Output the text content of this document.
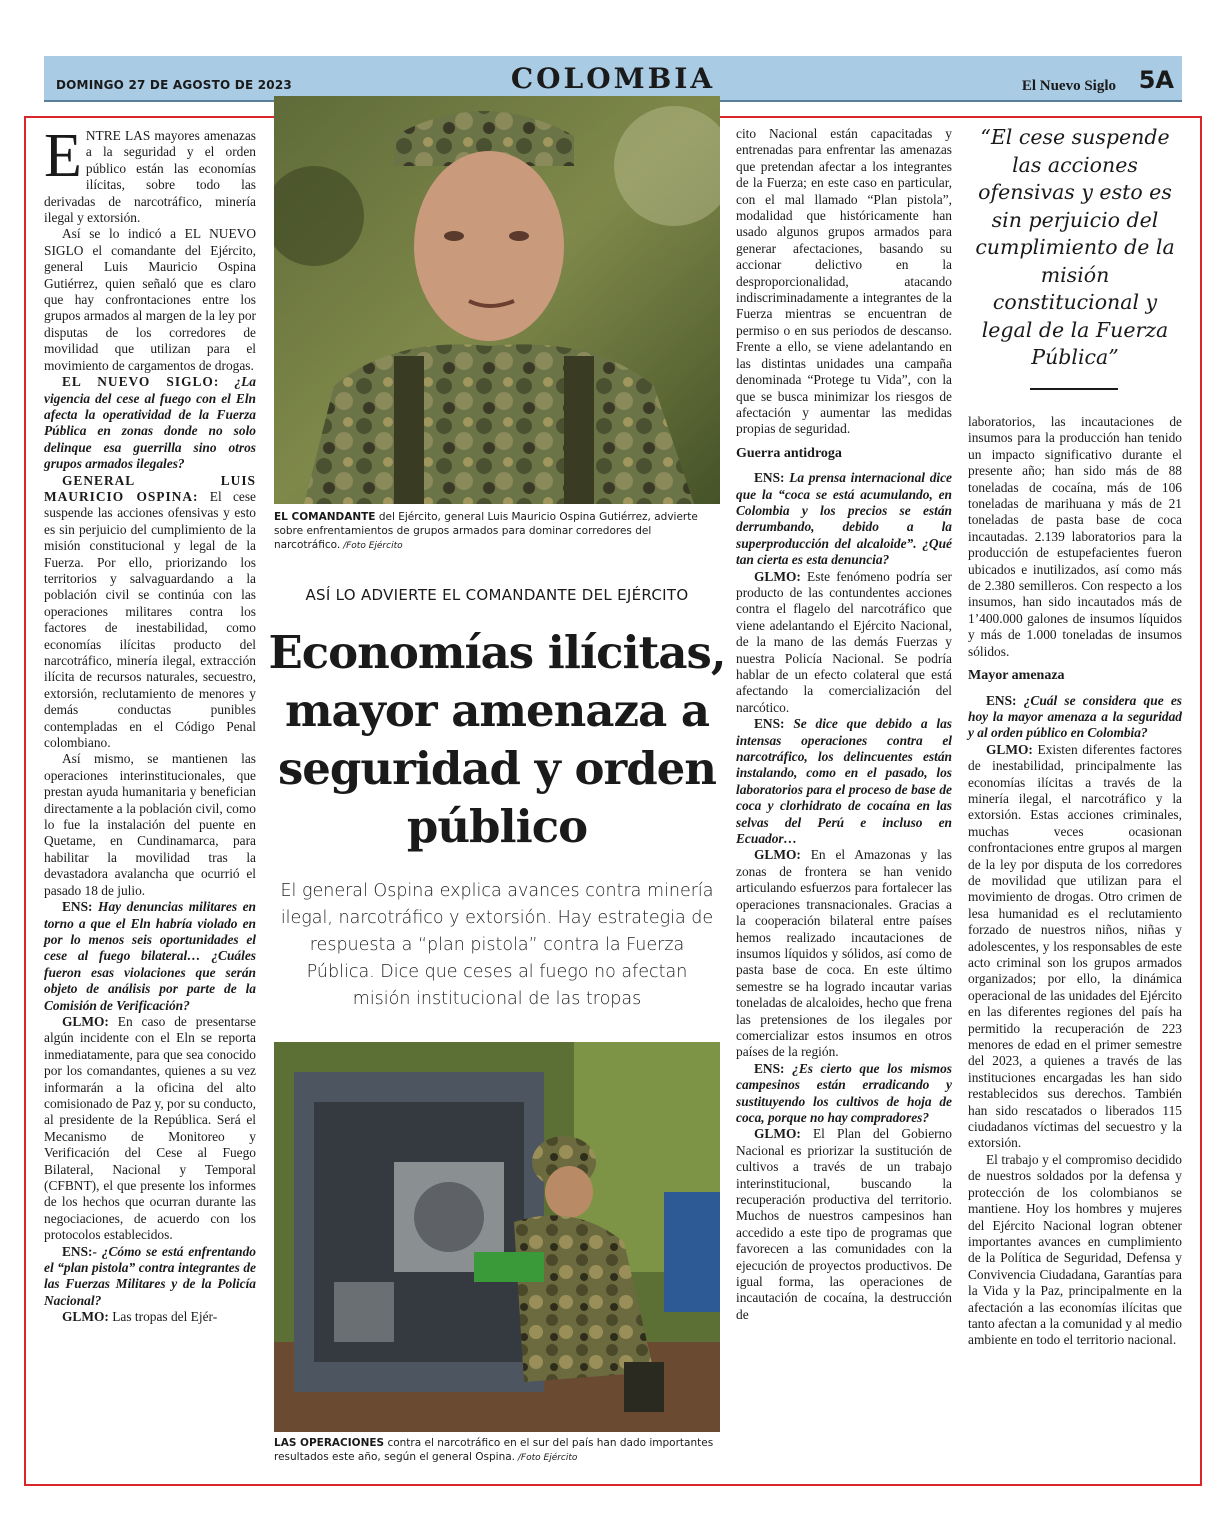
DOMINGO 27 DE AGOSTO DE 2023	COLOMBIA	El Nuevo Siglo 5A

ENTRE LAS mayores amenazas a la seguridad y el orden público están las economías ilícitas, sobre todo las derivadas de narcotráfico, minería ilegal y extorsión.

Así se lo indicó a EL NUEVO SIGLO el comandante del Ejército, general Luis Mauricio Ospina Gutiérrez, quien señaló que es claro que hay confrontaciones entre los grupos armados al margen de la ley por disputas de los corredores de movilidad que utilizan para el movimiento de cargamentos de drogas.

EL NUEVO SIGLO: ¿La vigencia del cese al fuego con el Eln afecta la operatividad de la Fuerza Pública en zonas donde no solo delinque esa guerrilla sino otros grupos armados ilegales?

GENERAL LUIS MAURICIO OSPINA: El cese suspende las acciones ofensivas y esto es sin perjuicio del cumplimiento de la misión constitucional y legal de la Fuerza. Por ello, priorizando los territorios y salvaguardando a la población civil se continúa con las operaciones militares contra los factores de inestabilidad, como economías ilícitas producto del narcotráfico, minería ilegal, extracción ilícita de recursos naturales, secuestro, extorsión, reclutamiento de menores y demás conductas punibles contempladas en el Código Penal colombiano.

Así mismo, se mantienen las operaciones interinstitucionales, que prestan ayuda humanitaria y benefician directamente a la población civil, como lo fue la instalación del puente en Quetame, en Cundinamarca, para habilitar la movilidad tras la devastadora avalancha que ocurrió el pasado 18 de julio.

ENS: Hay denuncias militares en torno a que el Eln habría violado en por lo menos seis oportunidades el cese al fuego bilateral… ¿Cuáles fueron esas violaciones que serán objeto de análisis por parte de la Comisión de Verificación?

GLMO: En caso de presentarse algún incidente con el Eln se reporta inmediatamente, para que sea conocido por los comandantes, quienes a su vez informarán a la oficina del alto comisionado de Paz y, por su conducto, al presidente de la República. Será el Mecanismo de Monitoreo y Verificación del Cese al Fuego Bilateral, Nacional y Temporal (CFBNT), el que presente los informes de los hechos que ocurran durante las negociaciones, de acuerdo con los protocolos establecidos.

ENS:- ¿Cómo se está enfrentando el “plan pistola” contra integrantes de las Fuerzas Militares y de la Policía Nacional?

GLMO: Las tropas del Ejér-

EL COMANDANTE del Ejército, general Luis Mauricio Ospina Gutiérrez, advierte sobre enfrentamientos de grupos armados para dominar corredores del narcotráfico. /Foto Ejército
ASÍ LO ADVIERTE EL COMANDANTE DEL EJÉRCITO
Economías ilícitas, mayor amenaza a seguridad y orden público
El general Ospina explica avances contra minería ilegal, narcotráfico y extorsión. Hay estrategia de respuesta a “plan pistola” contra la Fuerza Pública. Dice que ceses al fuego no afectan misión institucional de las tropas
LAS OPERACIONES contra el narcotráfico en el sur del país han dado importantes resultados este año, según el general Ospina. /Foto Ejército

cito Nacional están capacitadas y entrenadas para enfrentar las amenazas que pretendan afectar a los integrantes de la Fuerza; en este caso en particular, con el mal llamado “Plan pistola”, modalidad que históricamente han usado algunos grupos armados para generar afectaciones, basando su accionar delictivo en la desproporcionalidad, atacando indiscriminadamente a integrantes de la Fuerza mientras se encuentran de permiso o en sus periodos de descanso. Frente a ello, se viene adelantando en las distintas unidades una campaña denominada “Protege tu Vida”, con la que se busca minimizar los riesgos de afectación y aumentar las medidas propias de seguridad.

Guerra antidroga

ENS: La prensa internacional dice que la “coca se está acumulando, en Colombia y los precios se están derrumbando, debido a la superproducción del alcaloide”. ¿Qué tan cierta es esta denuncia?

GLMO: Este fenómeno podría ser producto de las contundentes acciones contra el flagelo del narcotráfico que viene adelantando el Ejército Nacional, de la mano de las demás Fuerzas y nuestra Policía Nacional. Se podría hablar de un efecto colateral que está afectando la comercialización del narcótico.

ENS: Se dice que debido a las intensas operaciones contra el narcotráfico, los delincuentes están instalando, como en el pasado, los laboratorios para el proceso de base de coca y clorhidrato de cocaína en las selvas del Perú e incluso en Ecuador…

GLMO: En el Amazonas y las zonas de frontera se han venido articulando esfuerzos para fortalecer las operaciones transnacionales. Gracias a la cooperación bilateral entre países hemos realizado incautaciones de insumos líquidos y sólidos, así como de pasta base de coca. En este último semestre se ha logrado incautar varias toneladas de alcaloides, hecho que frena las pretensiones de los ilegales por comercializar estos insumos en otros países de la región.

ENS: ¿Es cierto que los mismos campesinos están erradicando y sustituyendo los cultivos de hoja de coca, porque no hay compradores?

GLMO: El Plan del Gobierno Nacional es priorizar la sustitución de cultivos a través de un trabajo interinstitucional, buscando la recuperación productiva del territorio. Muchos de nuestros campesinos han accedido a este tipo de programas que favorecen a las comunidades con la ejecución de proyectos productivos. De igual forma, las operaciones de incautación de cocaína, la destrucción de

“El cese suspende las acciones ofensivas y esto es sin perjuicio del cumplimiento de la misión constitucional y legal de la Fuerza Pública”

laboratorios, las incautaciones de insumos para la producción han tenido un impacto significativo durante el presente año; han sido más de 88 toneladas de cocaína, más de 106 toneladas de marihuana y más de 21 toneladas de pasta base de coca incautadas. 2.139 laboratorios para la producción de estupefacientes fueron ubicados e inutilizados, así como más de 2.380 semilleros. Con respecto a los insumos, han sido incautados más de 1’400.000 galones de insumos líquidos y más de 1.000 toneladas de insumos sólidos.

Mayor amenaza

ENS: ¿Cuál se considera que es hoy la mayor amenaza a la seguridad y al orden público en Colombia?

GLMO: Existen diferentes factores de inestabilidad, principalmente las economías ilícitas a través de la minería ilegal, el narcotráfico y la extorsión. Estas acciones criminales, muchas veces ocasionan confrontaciones entre grupos al margen de la ley por disputa de los corredores de movilidad que utilizan para el movimiento de drogas. Otro crimen de lesa humanidad es el reclutamiento forzado de nuestros niños, niñas y adolescentes, y los responsables de este acto criminal son los grupos armados organizados; por ello, la dinámica operacional de las unidades del Ejército en las diferentes regiones del país ha permitido la recuperación de 223 menores de edad en el primer semestre del 2023, a quienes a través de las instituciones encargadas les han sido restablecidos sus derechos. También han sido rescatados o liberados 115 ciudadanos víctimas del secuestro y la extorsión.

El trabajo y el compromiso decidido de nuestros soldados por la defensa y protección de los colombianos se mantiene. Hoy los hombres y mujeres del Ejército Nacional logran obtener importantes avances en cumplimiento de la Política de Seguridad, Defensa y Convivencia Ciudadana, Garantías para la Vida y la Paz, principalmente en la afectación a las economías ilícitas que tanto afectan a la comunidad y al medio ambiente en todo el territorio nacional.
